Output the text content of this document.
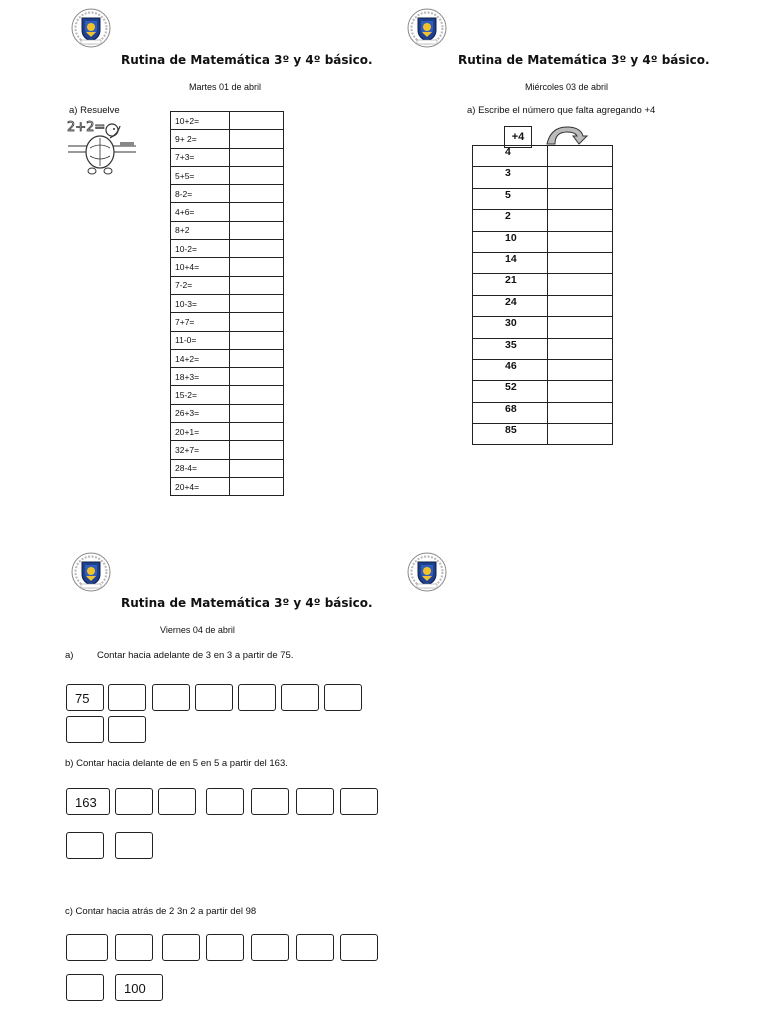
Rutina de Matemática 3º y 4º básico.
Martes 01 de abril
a) Resuelve
2+2=	10+2=	
9+ 2=	
7+3=	
5+5=	
8-2=	
4+6=	
8+2	
10-2=	
10+4=	
7-2=	
10-3=	
7+7=	
11-0=	
14+2=	
18+3=	
15-2=	
26+3=	
20+1=	
32+7=	
28-4=	
20+4=	
Rutina de Matemática 3º y 4º básico.
Miércoles 03 de abril
a) Escribe el número que falta agregando +4
+4
4	
3	
5	
2	
10	
14	
21	
24	
30	
35	
46	
52	
68	
85	
Rutina de Matemática 3º y 4º básico.
Viernes 04 de abril
a) Contar hacia adelante de 3 en 3 a partir de 75.
75
b) Contar hacia delante de en 5 en 5 a partir del 163.
163
c) Contar hacia atrás de 2 3n 2 a partir del 98
100
